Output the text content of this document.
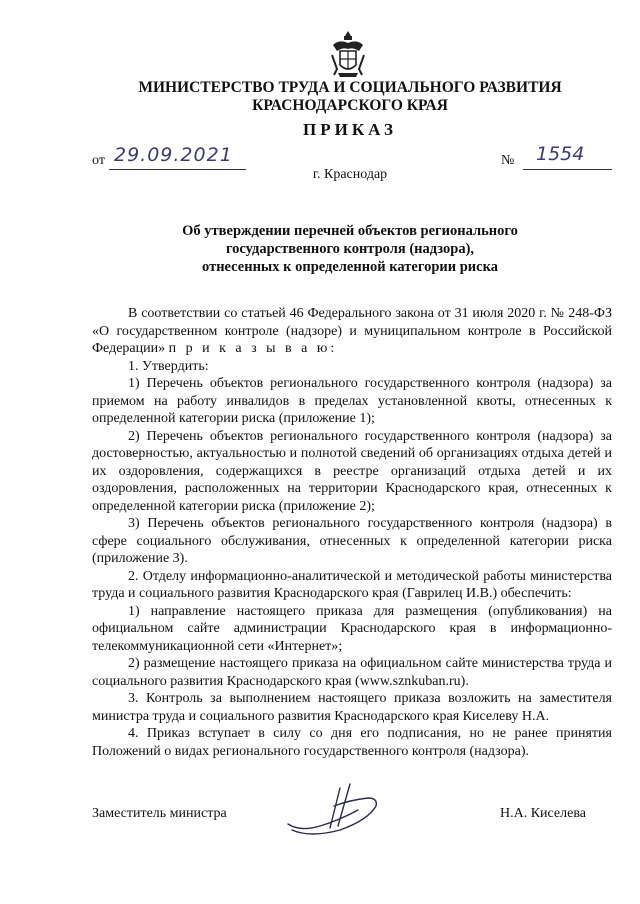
МИНИСТЕРСТВО ТРУДА И СОЦИАЛЬНОГО РАЗВИТИЯ
КРАСНОДАРСКОГО КРАЯ
ПРИКАЗ
от 29.09.2021	№ 1554
г. Краснодар
Об утверждении перечней объектов регионального
государственного контроля (надзора),
отнесенных к определенной категории риска

В соответствии со статьей 46 Федерального закона от 31 июля 2020 г. № 248-ФЗ «О государственном контроле (надзоре) и муниципальном контроле в Российской Федерации» п р и к а з ы в а ю:

1. Утвердить:

1) Перечень объектов регионального государственного контроля (надзора) за приемом на работу инвалидов в пределах установленной квоты, отнесенных к определенной категории риска (приложение 1);

2) Перечень объектов регионального государственного контроля (надзора) за достоверностью, актуальностью и полнотой сведений об организациях отдыха детей и их оздоровления, содержащихся в реестре организаций отдыха детей и их оздоровления, расположенных на территории Краснодарского края, отнесенных к определенной категории риска (приложение 2);

3) Перечень объектов регионального государственного контроля (надзора) в сфере социального обслуживания, отнесенных к определенной категории риска (приложение 3).

2. Отделу информационно-аналитической и методической работы министерства труда и социального развития Краснодарского края (Гаврилец И.В.) обеспечить:

1) направление настоящего приказа для размещения (опубликования) на официальном сайте администрации Краснодарского края в информационно-телекоммуникационной сети «Интернет»;

2) размещение настоящего приказа на официальном сайте министерства труда и социального развития Краснодарского края (www.sznkuban.ru).

3. Контроль за выполнением настоящего приказа возложить на заместителя министра труда и социального развития Краснодарского края Киселеву Н.А.

4. Приказ вступает в силу со дня его подписания, но не ранее принятия Положений о видах регионального государственного контроля (надзора).

Заместитель министра	Н.А. Киселева
